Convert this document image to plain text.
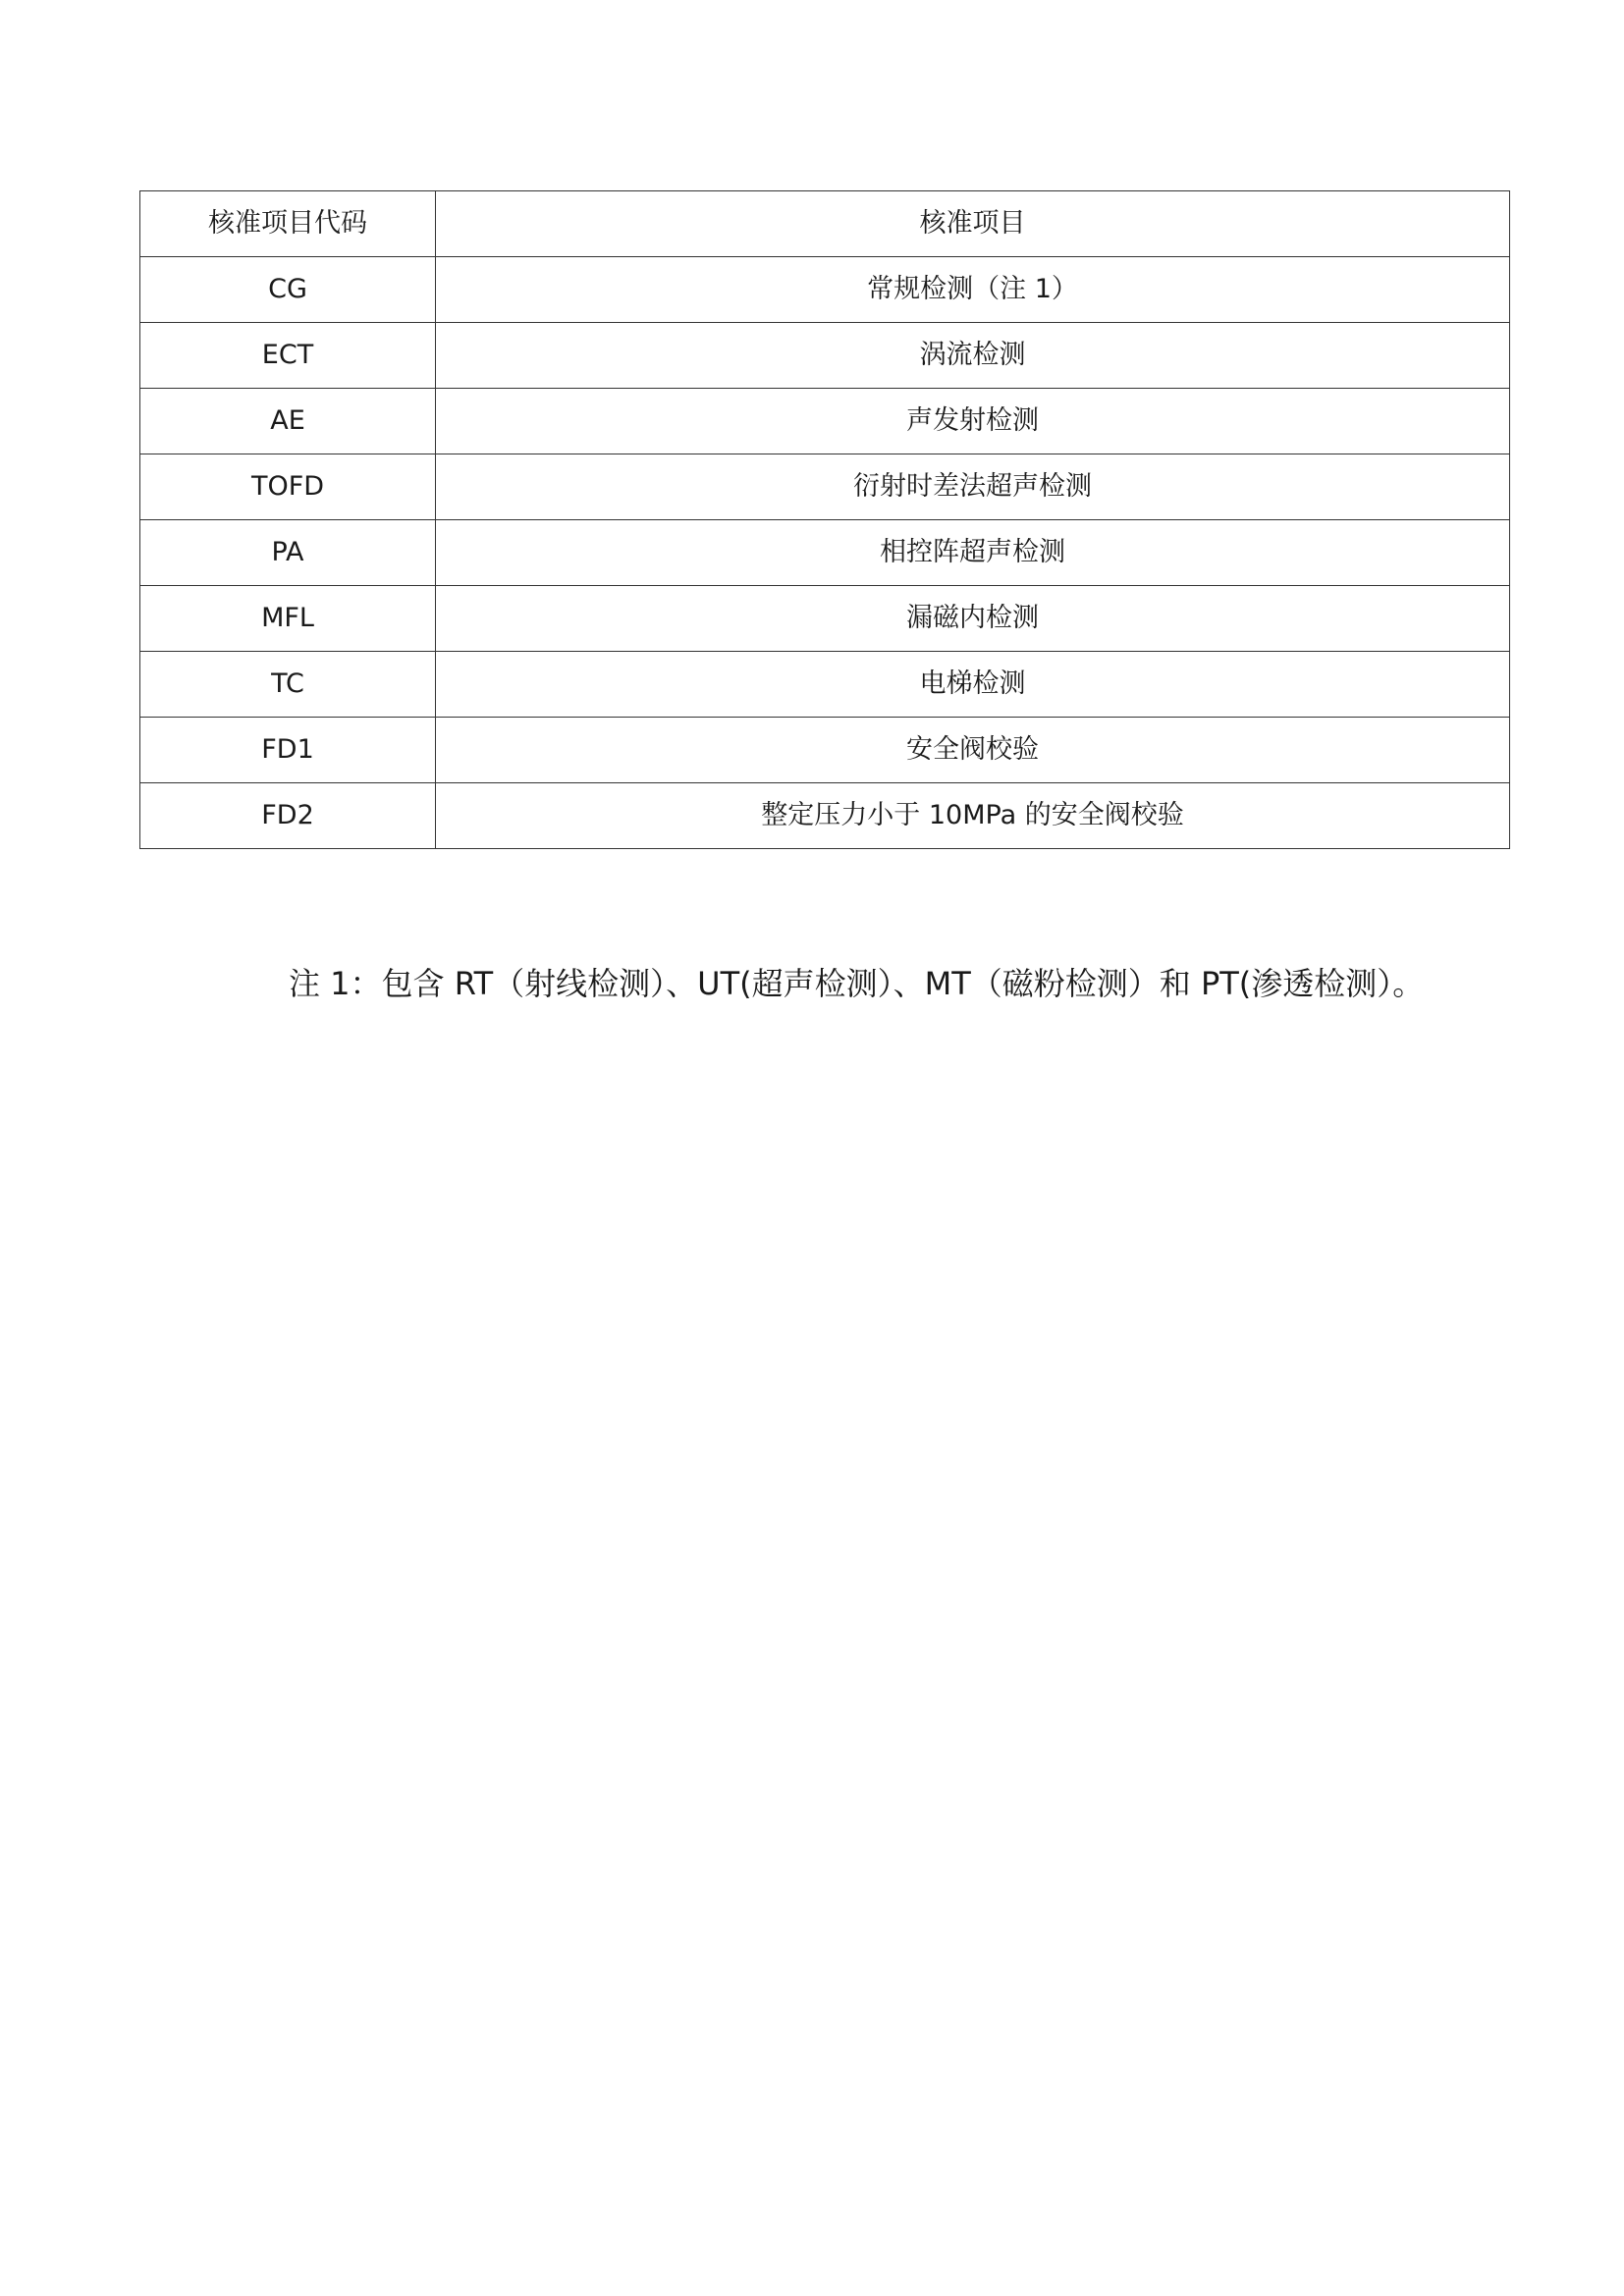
核准项目代码	核准项目
CG	常规检测（注 1）
ECT	涡流检测
AE	声发射检测
TOFD	衍射时差法超声检测
PA	相控阵超声检测
MFL	漏磁内检测
TC	电梯检测
FD1	安全阀校验
FD2	整定压力小于 10MPa 的安全阀校验

注 1：包含 RT（射线检测）、UT(超声检测）、MT（磁粉检测）和 PT(渗透检测）。
